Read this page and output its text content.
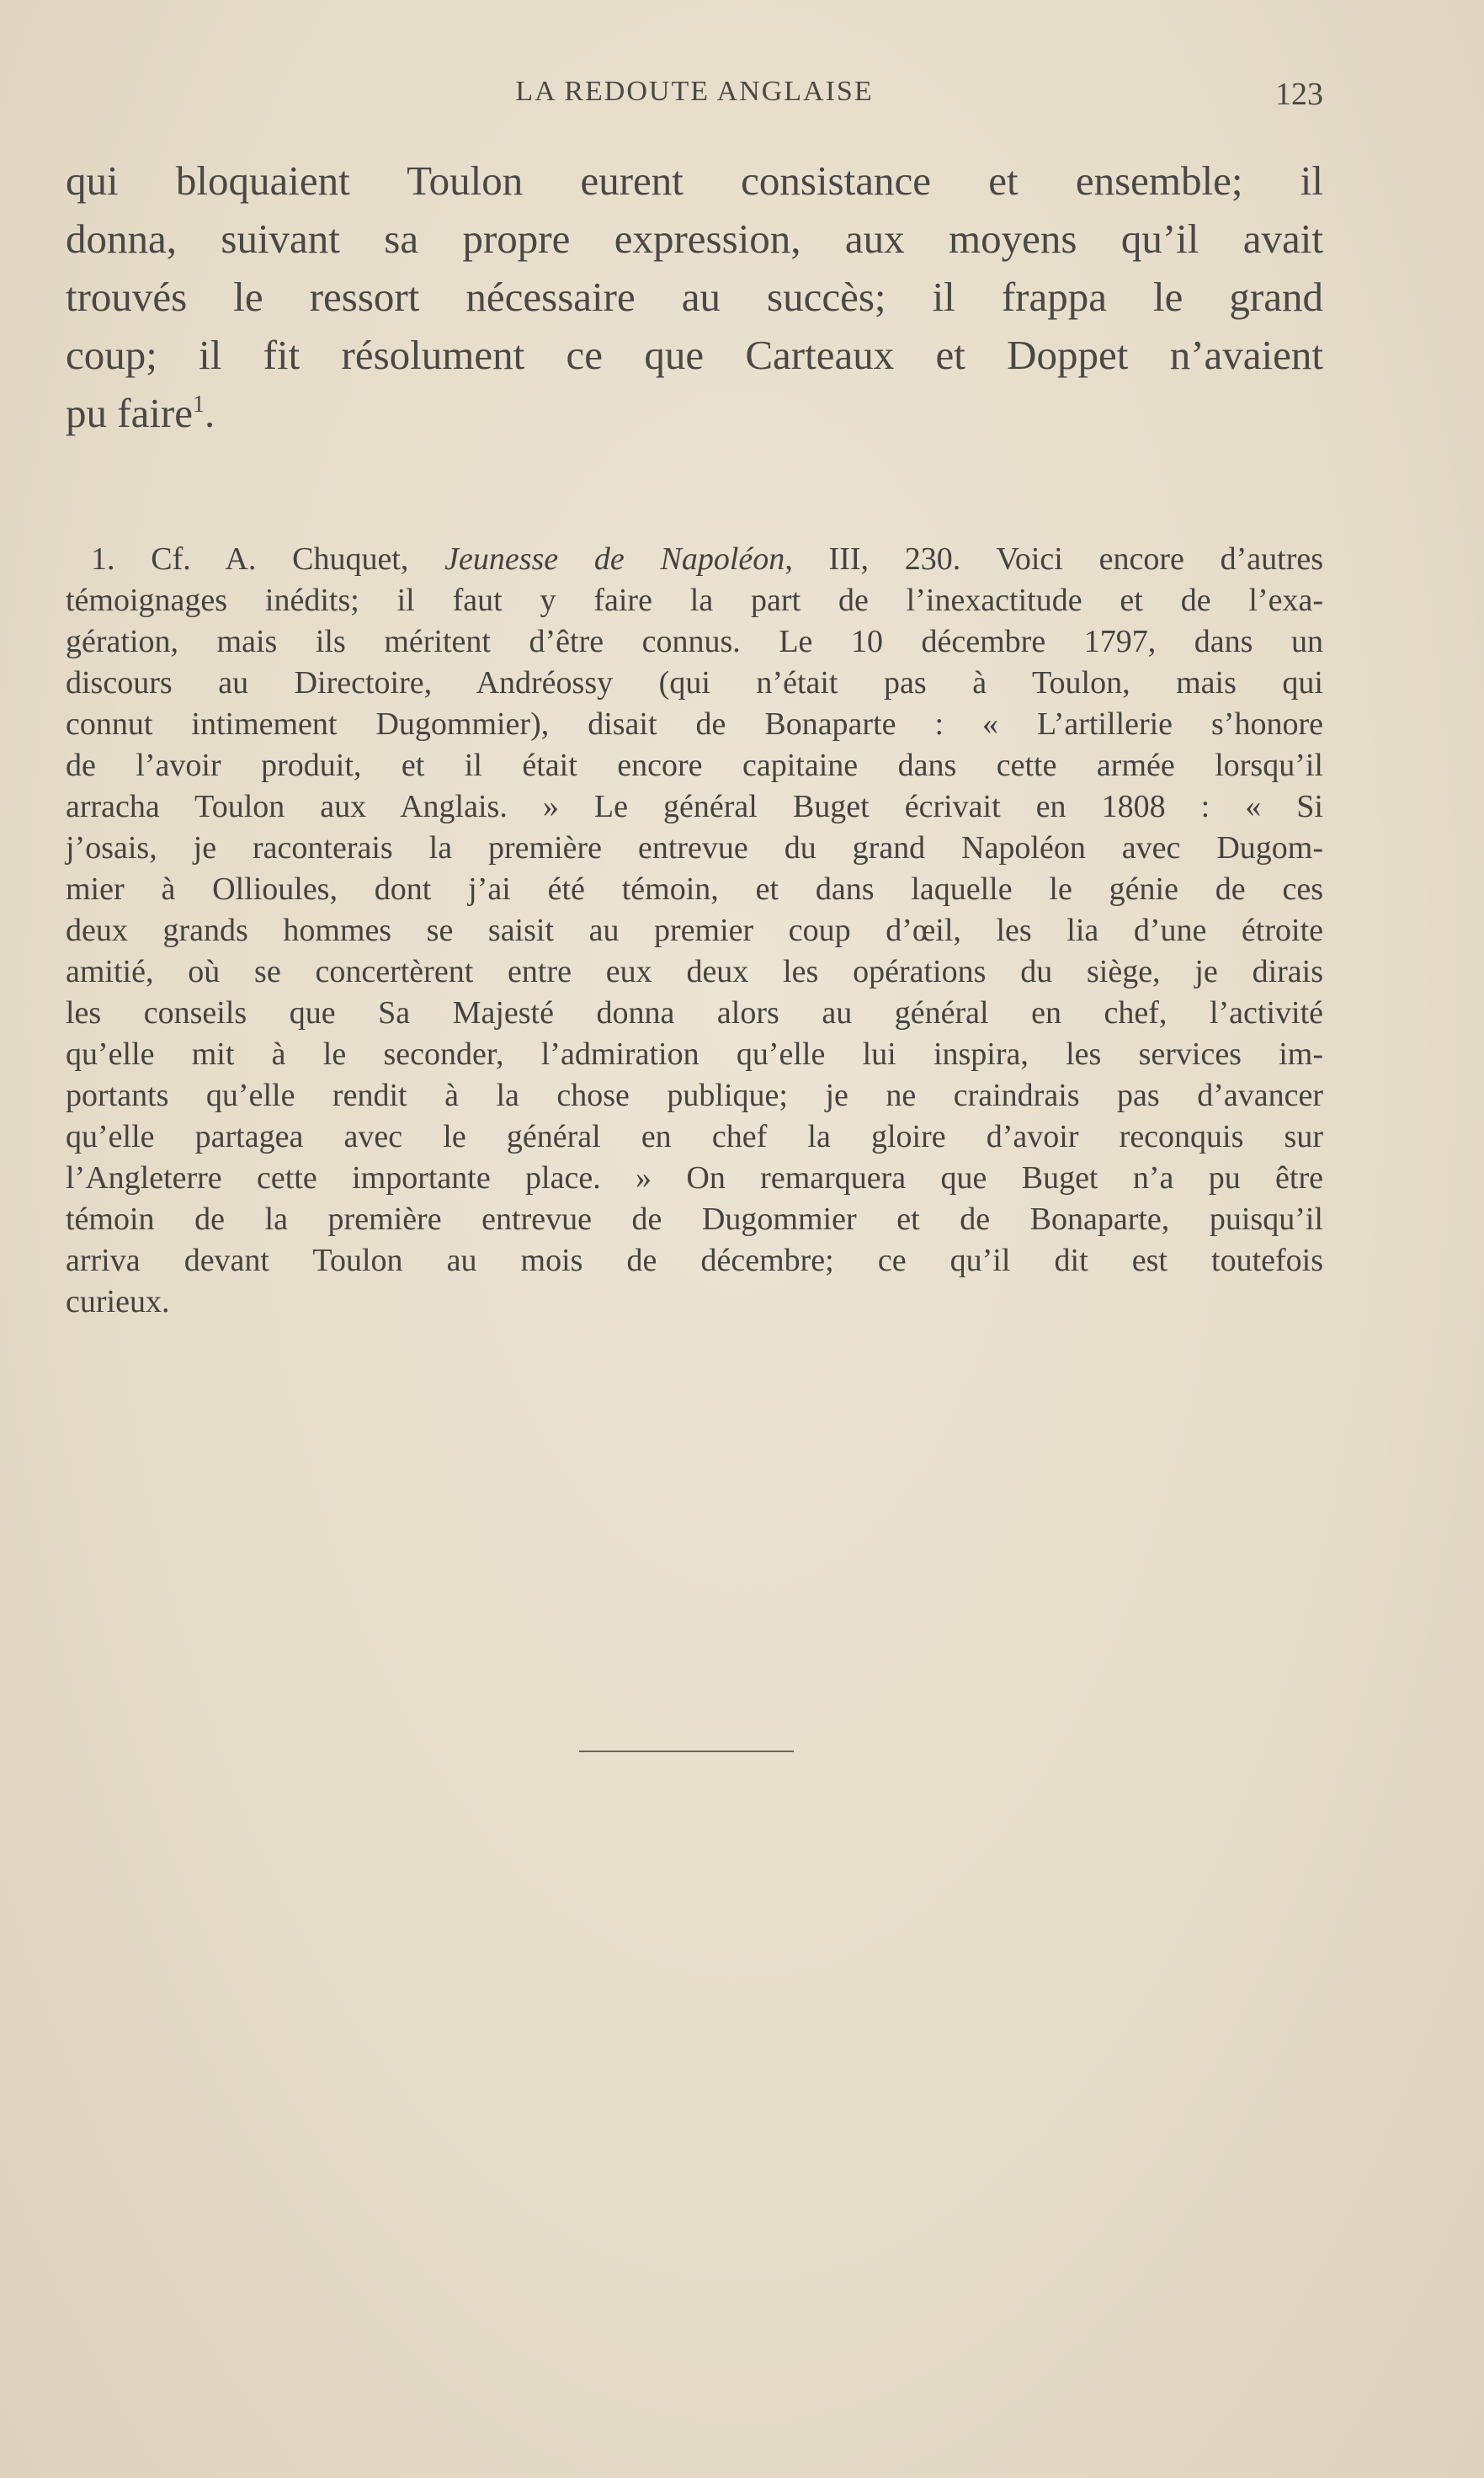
LA REDOUTE ANGLAISE	123
qui bloquaient Toulon eurent consistance et ensemble; il
donna, suivant sa propre expression, aux moyens qu’il avait
trouvés le ressort nécessaire au succès; il frappa le grand
coup; il fit résolument ce que Carteaux et Doppet n’avaient
pu faire$^1$.
1. Cf. A. Chuquet, Jeunesse de Napoléon, III, 230. Voici encore d’autres
témoignages inédits; il faut y faire la part de l’inexactitude et de l’exa-
gération, mais ils méritent d’être connus. Le 10 décembre 1797, dans un
discours au Directoire, Andréossy (qui n’était pas à Toulon, mais qui
connut intimement Dugommier), disait de Bonaparte : « L’artillerie s’honore
de l’avoir produit, et il était encore capitaine dans cette armée lorsqu’il
arracha Toulon aux Anglais. » Le général Buget écrivait en 1808 : « Si
j’osais, je raconterais la première entrevue du grand Napoléon avec Dugom-
mier à Ollioules, dont j’ai été témoin, et dans laquelle le génie de ces
deux grands hommes se saisit au premier coup d’œil, les lia d’une étroite
amitié, où se concertèrent entre eux deux les opérations du siège, je dirais
les conseils que Sa Majesté donna alors au général en chef, l’activité
qu’elle mit à le seconder, l’admiration qu’elle lui inspira, les services im-
portants qu’elle rendit à la chose publique; je ne craindrais pas d’avancer
qu’elle partagea avec le général en chef la gloire d’avoir reconquis sur
l’Angleterre cette importante place. » On remarquera que Buget n’a pu être
témoin de la première entrevue de Dugommier et de Bonaparte, puisqu’il
arriva devant Toulon au mois de décembre; ce qu’il dit est toutefois
curieux.
